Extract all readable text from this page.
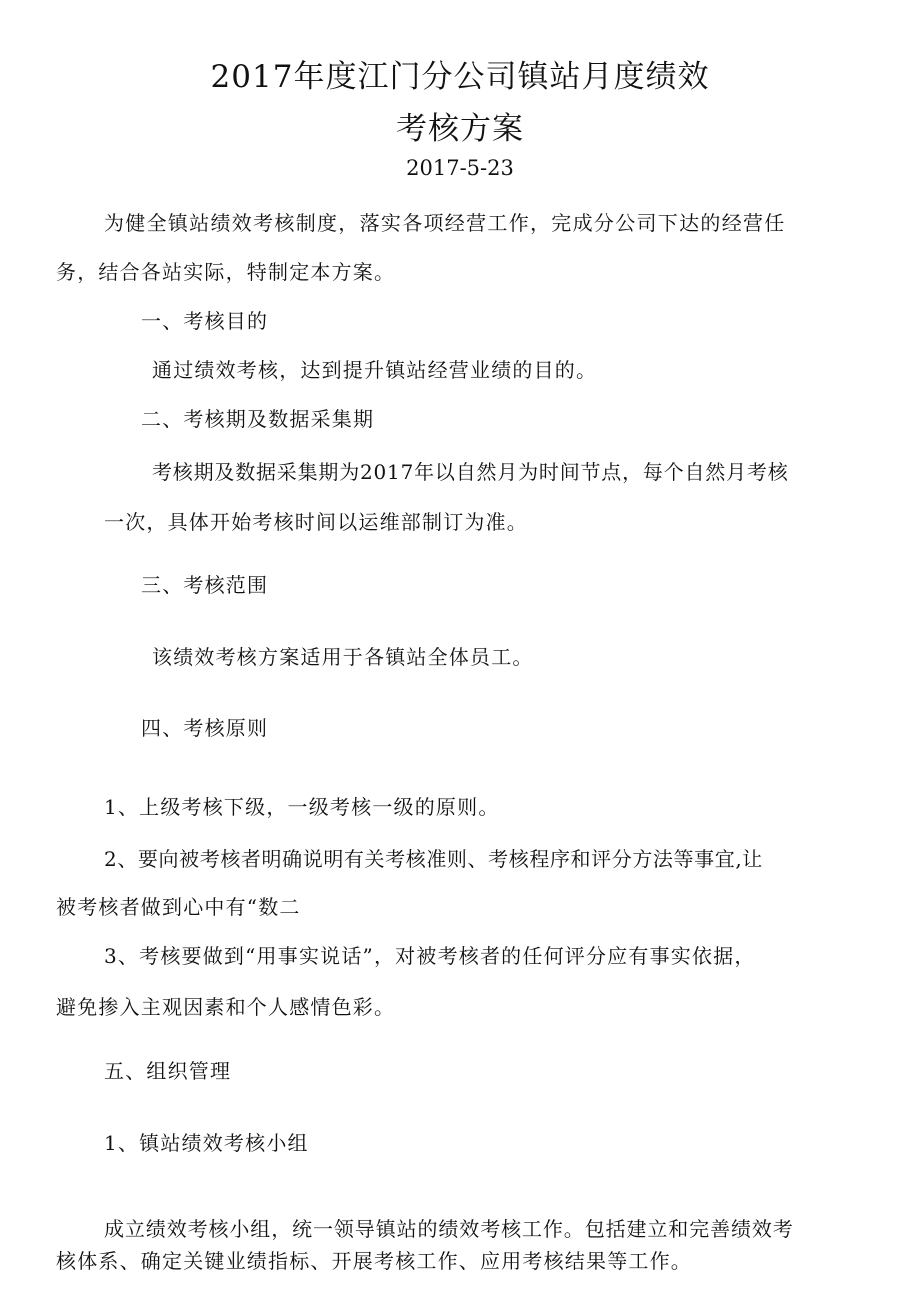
2017年度江门分公司镇站月度绩效
考核方案
2017-5-23
为健全镇站绩效考核制度，落实各项经营工作，完成分公司下达的经营任
务，结合各站实际，特制定本方案。
一、考核目的
通过绩效考核，达到提升镇站经营业绩的目的。
二、考核期及数据采集期
考核期及数据采集期为2017年以自然月为时间节点，每个自然月考核
一次，具体开始考核时间以运维部制订为准。
三、考核范围
该绩效考核方案适用于各镇站全体员工。
四、考核原则
1、上级考核下级，一级考核一级的原则。
2、要向被考核者明确说明有关考核准则、考核程序和评分方法等事宜,让
被考核者做到心中有“数二
3、考核要做到“用事实说话”，对被考核者的任何评分应有事实依据，
避免掺入主观因素和个人感情色彩。
五、组织管理
1、镇站绩效考核小组
成立绩效考核小组，统一领导镇站的绩效考核工作。包括建立和完善绩效考
核体系、确定关键业绩指标、开展考核工作、应用考核结果等工作。
